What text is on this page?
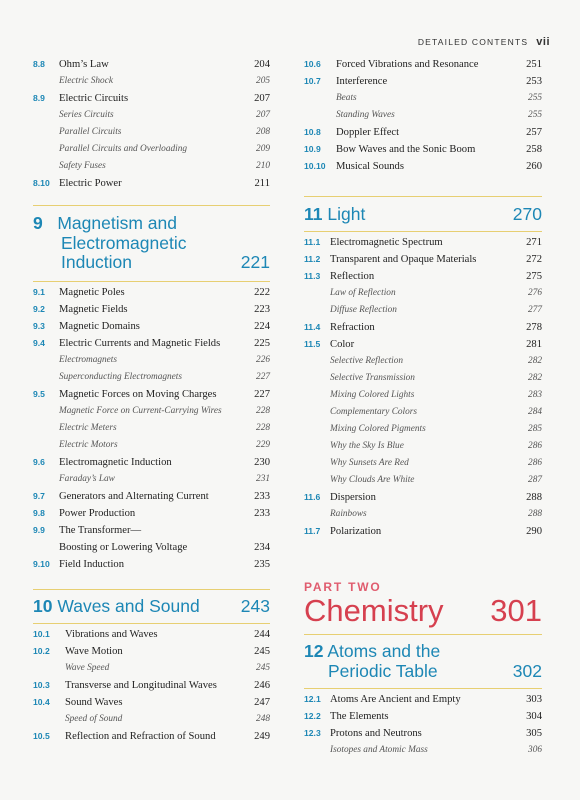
DETAILED CONTENTS vii
8.8	Ohm’s Law	204
Electric Shock	205
8.9	Electric Circuits	207
Series Circuits	207
Parallel Circuits	208
Parallel Circuits and Overloading	209
Safety Fuses	210
8.10 Electric Power	211
9 Magnetism and
Electromagnetic
Induction	221
9.1	Magnetic Poles	222
9.2	Magnetic Fields	223
9.3	Magnetic Domains	224
9.4	Electric Currents and Magnetic Fields	225
Electromagnets	226
Superconducting Electromagnets	227
9.5	Magnetic Forces on Moving Charges	227
Magnetic Force on Current-Carrying Wires	228
Electric Meters	228
Electric Motors	229
9.6	Electromagnetic Induction	230
Faraday’s Law	231
9.7	Generators and Alternating Current	233
9.8	Power Production	233
9.9	The Transformer—
Boosting or Lowering Voltage	234
9.10 Field Induction	235
10 Waves and Sound	243
10.1	Vibrations and Waves	244
10.2	Wave Motion	245
Wave Speed	245
10.3	Transverse and Longitudinal Waves	246
10.4	Sound Waves	247
Speed of Sound	248
10.5	Reflection and Refraction of Sound	249
10.6	Forced Vibrations and Resonance	251
10.7	Interference	253
Beats	255
Standing Waves	255
10.8	Doppler Effect	257
10.9	Bow Waves and the Sonic Boom	258
10.10 Musical Sounds	260
11 Light	270
11.1 Electromagnetic Spectrum	271
11.2 Transparent and Opaque Materials	272
11.3 Reflection	275
Law of Reflection	276
Diffuse Reflection	277
11.4 Refraction	278
11.5 Color	281
Selective Reflection	282
Selective Transmission	282
Mixing Colored Lights	283
Complementary Colors	284
Mixing Colored Pigments	285
Why the Sky Is Blue	286
Why Sunsets Are Red	286
Why Clouds Are White	287
11.6 Dispersion	288
Rainbows	288
11.7 Polarization	290
PART TWO
Chemistry 301
12 Atoms and the
Periodic Table	302
12.1 Atoms Are Ancient and Empty	303
12.2 The Elements	304
12.3 Protons and Neutrons	305
Isotopes and Atomic Mass	306
